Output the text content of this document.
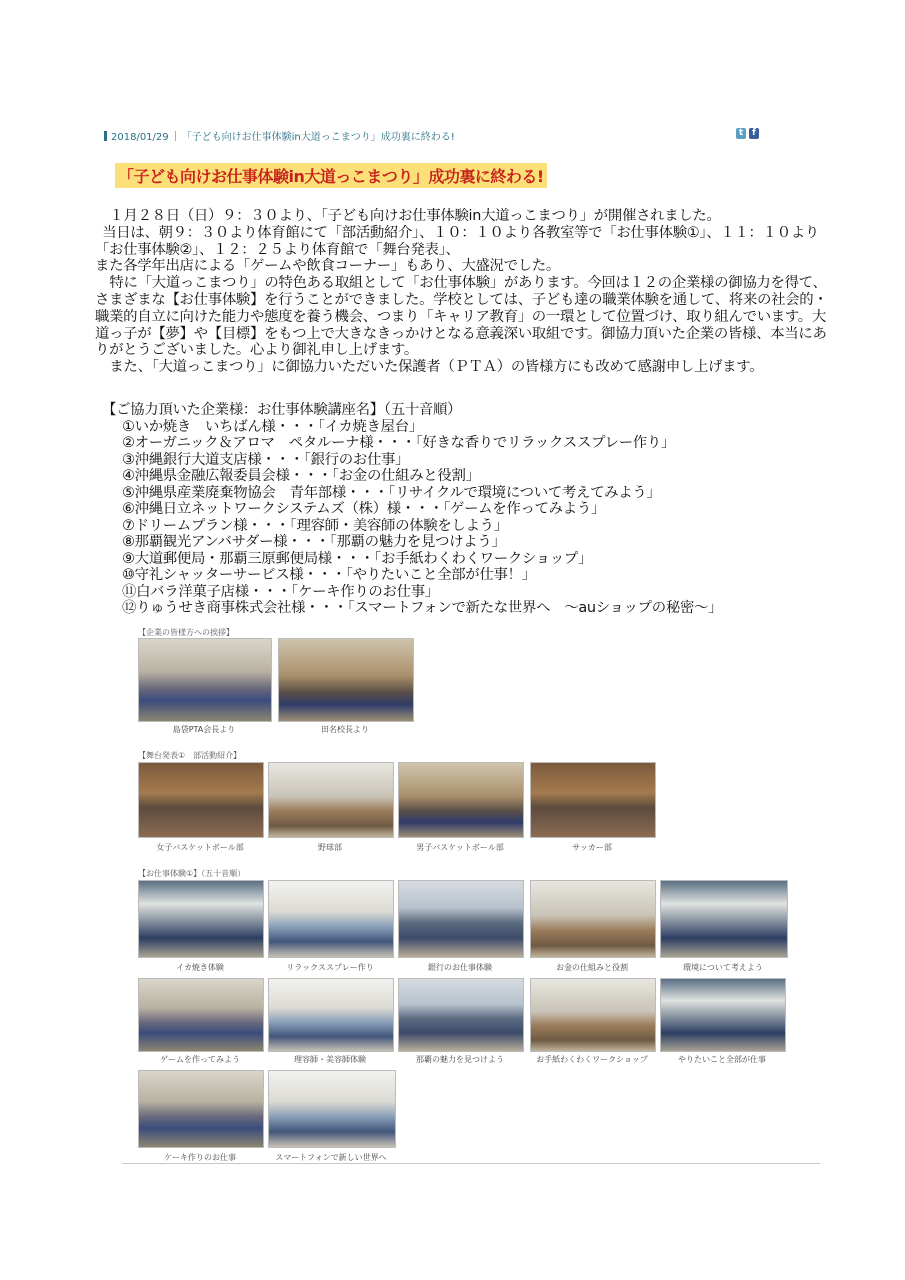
2018/01/29 「子ども向けお仕事体験in大道っこまつり」成功裏に終わる!	t f
「子ども向けお仕事体験in大道っこまつり」成功裏に終わる!

１月２８日（日）９：３０より、「子ども向けお仕事体験in大道っこまつり」が開催されました。

当日は、朝９：３０より体育館にて「部活動紹介」、１０：１０より各教室等で「お仕事体験①」、１１：１０より「お仕事体験②」、１２：２５より体育館で「舞台発表」、

また各学年出店による「ゲームや飲食コーナー」もあり、大盛況でした。

特に「大道っこまつり」の特色ある取組として「お仕事体験」があります。今回は１２の企業様の御協力を得て、さまざまな【お仕事体験】を行うことができました。学校としては、子ども達の職業体験を通して、将来の社会的・職業的自立に向けた能力や態度を養う機会、つまり「キャリア教育」の一環として位置づけ、取り組んでいます。大道っ子が【夢】や【目標】をもつ上で大きなきっかけとなる意義深い取組です。御協力頂いた企業の皆様、本当にありがとうございました。心より御礼申し上げます。

また、「大道っこまつり」に御協力いただいた保護者（ＰＴＡ）の皆様方にも改めて感謝申し上げます。

【ご協力頂いた企業様：お仕事体験講座名】（五十音順）
①いか焼き　いちばん様・・・「イカ焼き屋台」
②オーガニック＆アロマ　ペタルーナ様・・・「好きな香りでリラックススプレー作り」
③沖縄銀行大道支店様・・・「銀行のお仕事」
④沖縄県金融広報委員会様・・・「お金の仕組みと役割」
⑤沖縄県産業廃棄物協会　青年部様・・・「リサイクルで環境について考えてみよう」
⑥沖縄日立ネットワークシステムズ（株）様・・・「ゲームを作ってみよう」
⑦ドリームプラン様・・・「理容師・美容師の体験をしよう」
⑧那覇観光アンバサダー様・・・「那覇の魅力を見つけよう」
⑨大道郵便局・那覇三原郵便局様・・・「お手紙わくわくワークショップ」
⑩守礼シャッターサービス様・・・「やりたいこと全部が仕事！」
⑪白バラ洋菓子店様・・・「ケーキ作りのお仕事」
⑫りゅうせき商事株式会社様・・・「スマートフォンで新たな世界へ　～auショップの秘密～」
【企業の皆様方への挨拶】
島袋PTA会長より	田名校長より
【舞台発表①　部活動紹介】
女子バスケットボール部	野球部	男子バスケットボール部	サッカー部
【お仕事体験①】（五十音順）
イカ焼き体験	リラックススプレー作り	銀行のお仕事体験	お金の仕組みと役割	環境について考えよう
ゲームを作ってみよう	理容師・美容師体験	那覇の魅力を見つけよう	お手紙わくわくワークショップ	やりたいこと全部が仕事
ケーキ作りのお仕事	スマートフォンで新しい世界へ
